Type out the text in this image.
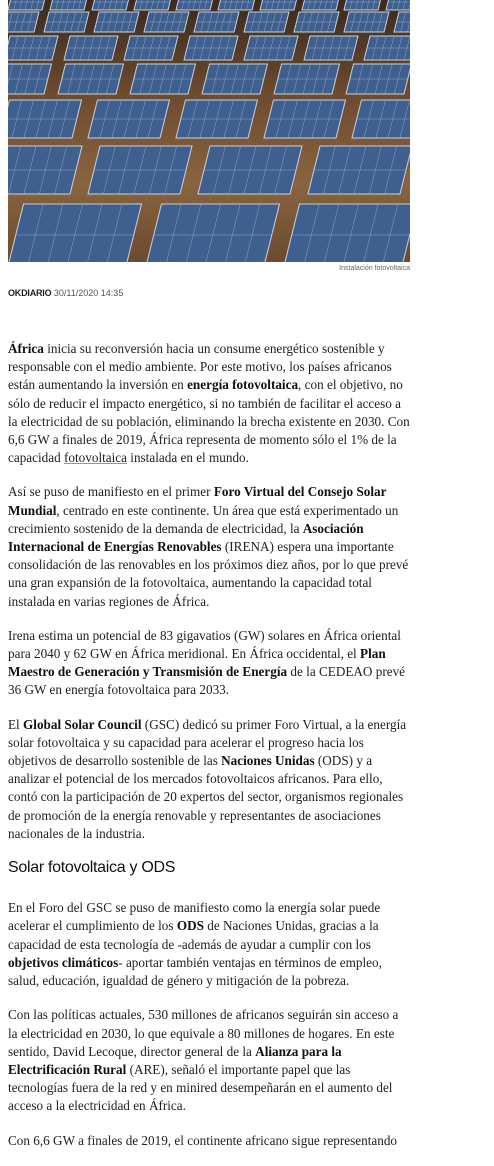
Instalación fotovoltaica
OKDIARIO 30/11/2020 14:35

África inicia su reconversión hacia un consume energético sostenible y responsable con el medio ambiente. Por este motivo, los países africanos están aumentando la inversión en energía fotovoltaica, con el objetivo, no sólo de reducir el impacto energético, si no también de facilitar el acceso a la electricidad de su población, eliminando la brecha existente en 2030. Con 6,6 GW a finales de 2019, África representa de momento sólo el 1% de la capacidad fotovoltaica instalada en el mundo.

Así se puso de manifiesto en el primer Foro Virtual del Consejo Solar Mundial, centrado en este continente. Un área que está experimentado un crecimiento sostenido de la demanda de electricidad, la Asociación Internacional de Energías Renovables (IRENA) espera una importante consolidación de las renovables en los próximos diez años, por lo que prevé una gran expansión de la fotovoltaica, aumentando la capacidad total instalada en varias regiones de África.

Irena estima un potencial de 83 gigavatios (GW) solares en África oriental para 2040 y 62 GW en África meridional. En África occidental, el Plan Maestro de Generación y Transmisión de Energía de la CEDEAO prevé 36 GW en energía fotovoltaica para 2033.

El Global Solar Council (GSC) dedicó su primer Foro Virtual, a la energía solar fotovoltaica y su capacidad para acelerar el progreso hacia los objetivos de desarrollo sostenible de las Naciones Unidas (ODS) y a analizar el potencial de los mercados fotovoltaicos africanos. Para ello, contó con la participación de 20 expertos del sector, organismos regionales de promoción de la energía renovable y representantes de asociaciones nacionales de la industria.

Solar fotovoltaica y ODS

En el Foro del GSC se puso de manifiesto como la energía solar puede acelerar el cumplimiento de los ODS de Naciones Unidas, gracias a la capacidad de esta tecnología de -además de ayudar a cumplir con los objetivos climáticos- aportar también ventajas en términos de empleo, salud, educación, igualdad de género y mitigación de la pobreza.

Con las políticas actuales, 530 millones de africanos seguirán sin acceso a la electricidad en 2030, lo que equivale a 80 millones de hogares. En este sentido, David Lecoque, director general de la Alianza para la Electrificación Rural (ARE), señaló el importante papel que las tecnologías fuera de la red y en minired desempeñarán en el aumento del acceso a la electricidad en África.

Con 6,6 GW a finales de 2019, el continente africano sigue representando
